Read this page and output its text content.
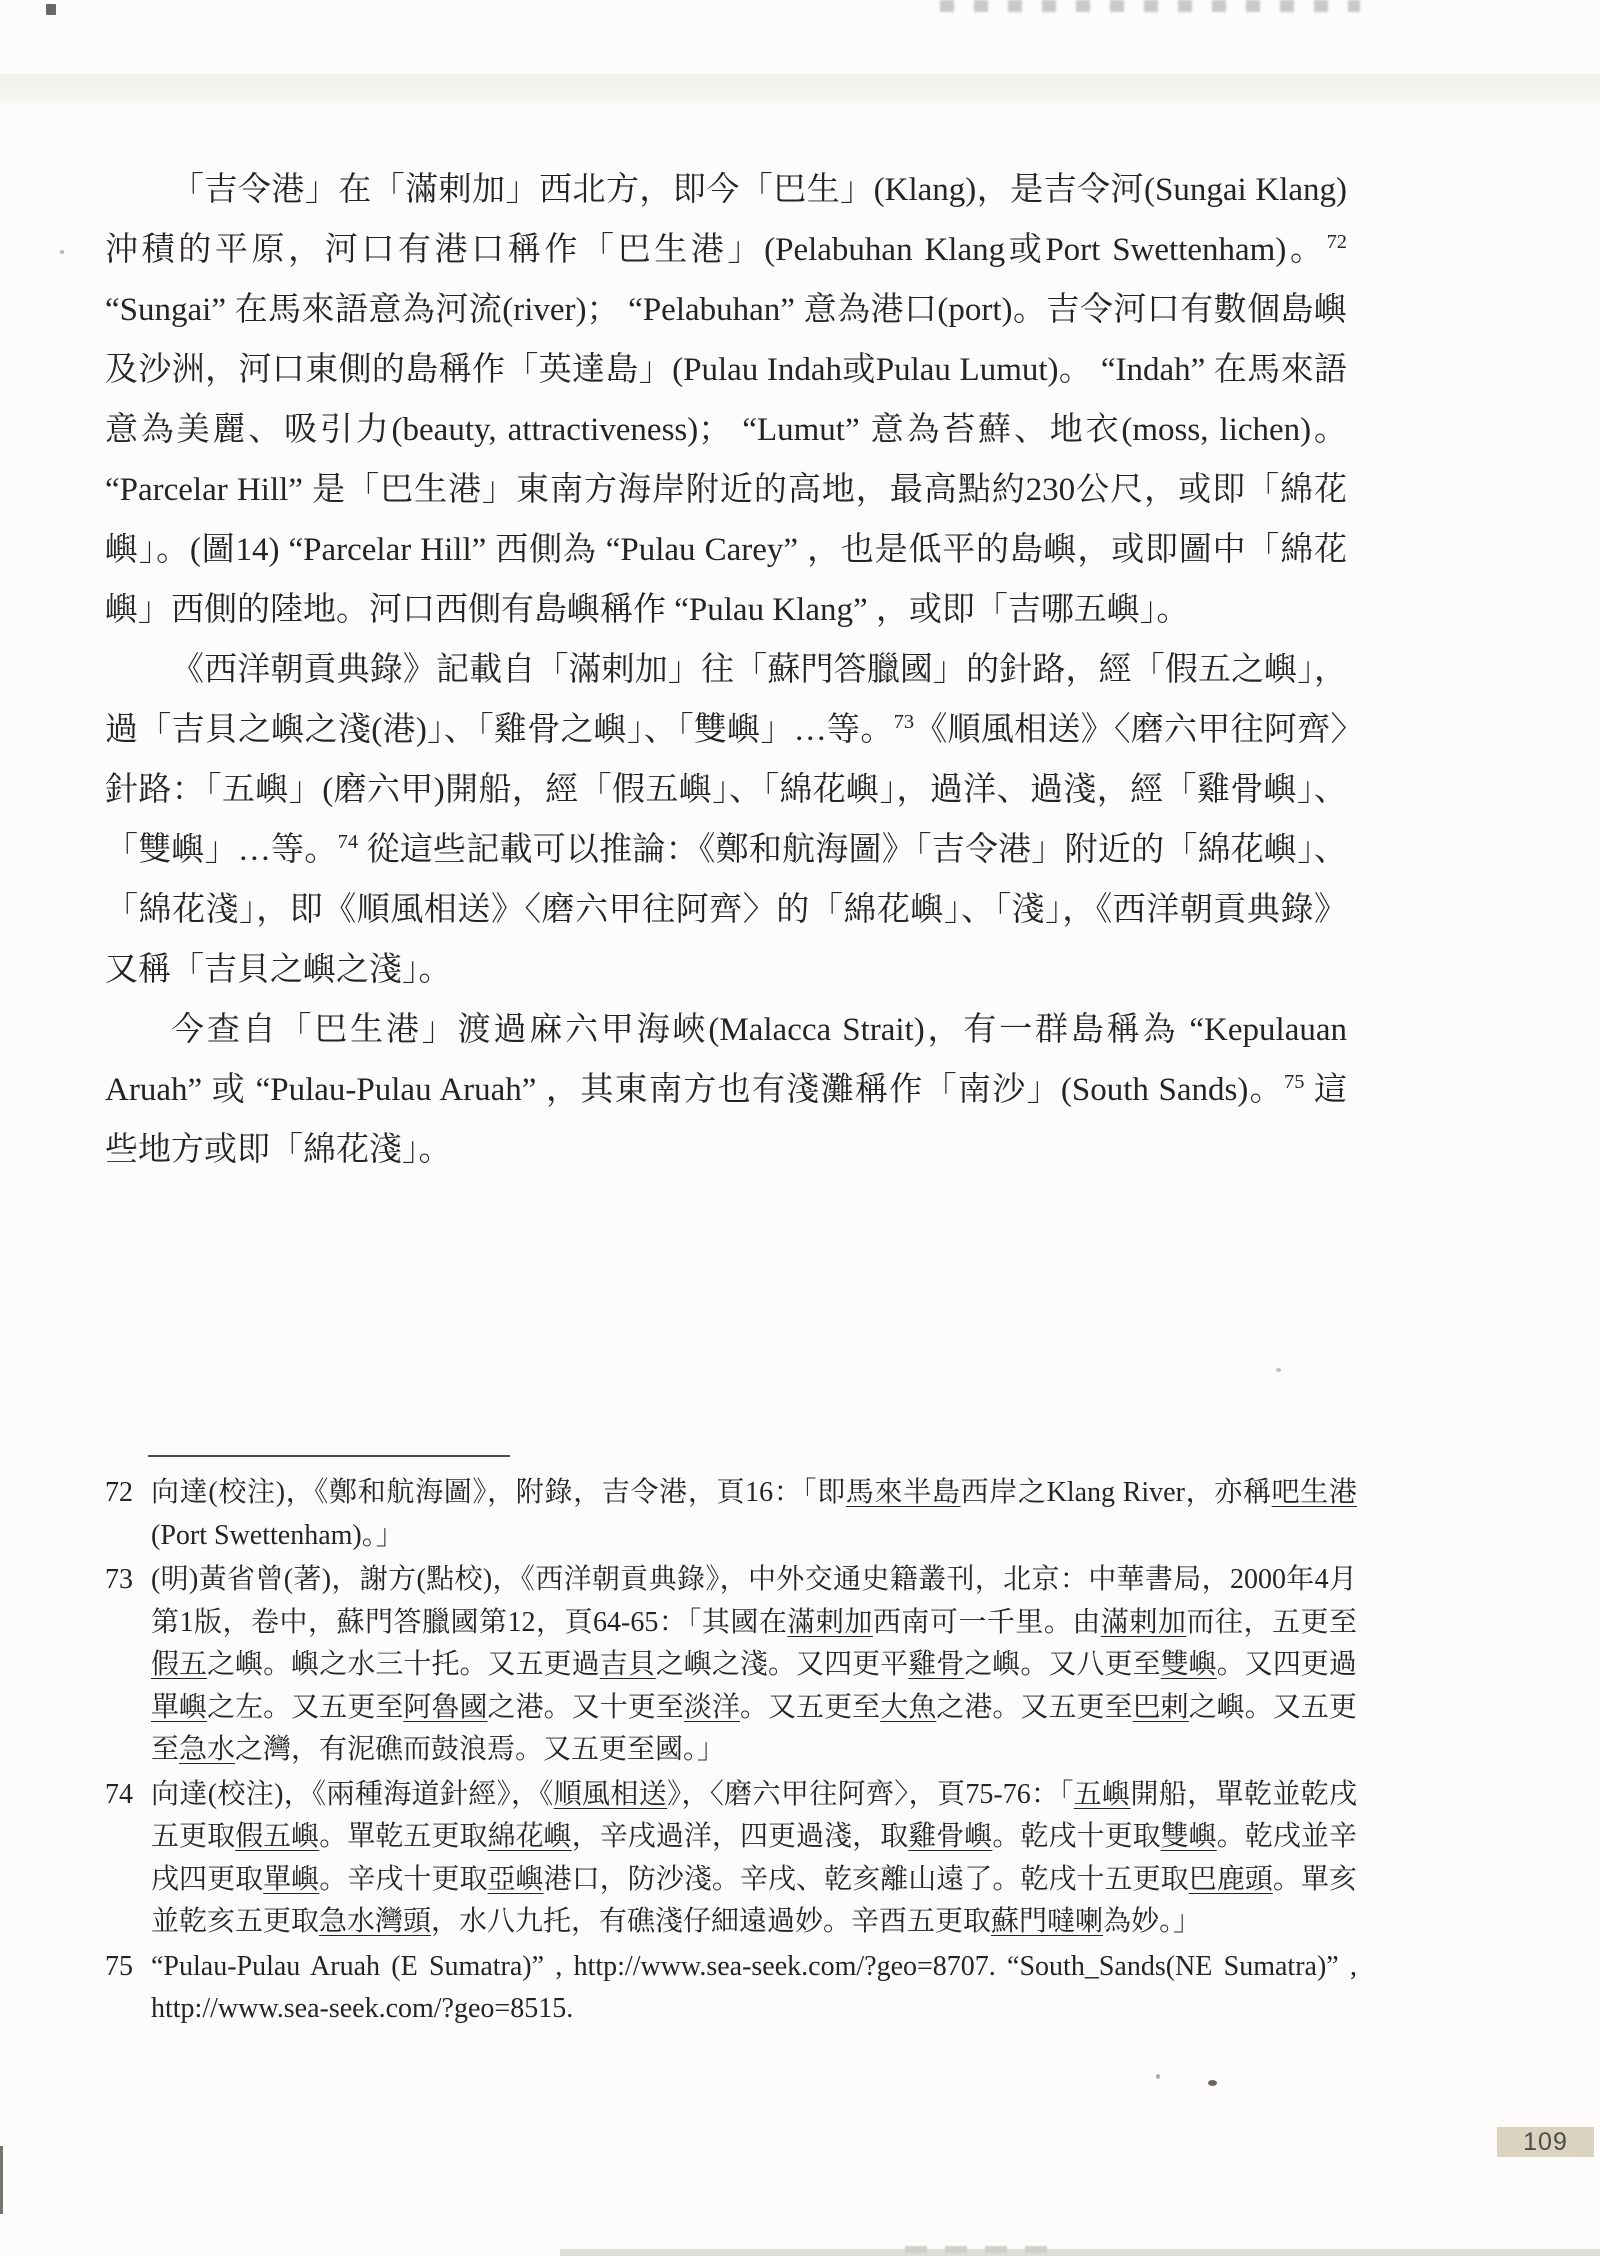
「吉令港」在「滿剌加」西北方，即今「巴生」(Klang)，是吉令河(Sungai Klang)沖積的平原，河口有港口稱作「巴生港」(Pelabuhan Klang或Port Swettenham)。$^{72}$ “Sungai” 在馬來語意為河流(river)； “Pelabuhan” 意為港口(port)。吉令河口有數個島嶼及沙洲，河口東側的島稱作「英達島」(Pulau Indah或Pulau Lumut)。 “Indah” 在馬來語意為美麗、吸引力(beauty, attractiveness)； “Lumut” 意為苔蘚、地衣(moss, lichen)。 “Parcelar Hill” 是「巴生港」東南方海岸附近的高地，最高點約230公尺，或即「綿花嶼」。(圖14) “Parcelar Hill” 西側為 “Pulau Carey” ，也是低平的島嶼，或即圖中「綿花嶼」西側的陸地。河口西側有島嶼稱作 “Pulau Klang” ，或即「吉哪五嶼」。
《西洋朝貢典錄》記載自「滿剌加」往「蘇門答臘國」的針路，經「假五之嶼」，過「吉貝之嶼之淺(港)」、「雞骨之嶼」、「雙嶼」…等。$^{73}$《順風相送》〈磨六甲往阿齊〉針路：「五嶼」(磨六甲)開船，經「假五嶼」、「綿花嶼」，過洋、過淺，經「雞骨嶼」、「雙嶼」…等。$^{74}$ 從這些記載可以推論：《鄭和航海圖》「吉令港」附近的「綿花嶼」、「綿花淺」，即《順風相送》〈磨六甲往阿齊〉的「綿花嶼」、「淺」，《西洋朝貢典錄》又稱「吉貝之嶼之淺」。
今查自「巴生港」渡過麻六甲海峽(Malacca Strait)，有一群島稱為 “Kepulauan Aruah” 或 “Pulau-Pulau Aruah” ，其東南方也有淺灘稱作「南沙」(South Sands)。$^{75}$ 這些地方或即「綿花淺」。
72 向達(校注)，《鄭和航海圖》，附錄，吉令港，頁16：「即馬來半島西岸之Klang River，亦稱吧生港(Port Swettenham)。」
73 (明)黃省曾(著)，謝方(點校)，《西洋朝貢典錄》，中外交通史籍叢刊，北京：中華書局，2000年4月第1版，卷中，蘇門答臘國第12，頁64-65：「其國在滿剌加西南可一千里。由滿剌加而往，五更至假五之嶼。嶼之水三十托。又五更過吉貝之嶼之淺。又四更平雞骨之嶼。又八更至雙嶼。又四更過單嶼之左。又五更至阿魯國之港。又十更至淡洋。又五更至大魚之港。又五更至巴剌之嶼。又五更至急水之灣，有泥礁而鼓浪焉。又五更至國。」
74 向達(校注)，《兩種海道針經》，《順風相送》，〈磨六甲往阿齊〉，頁75-76：「五嶼開船，單乾並乾戌五更取假五嶼。單乾五更取綿花嶼，辛戌過洋，四更過淺，取雞骨嶼。乾戌十更取雙嶼。乾戌並辛戌四更取單嶼。辛戌十更取亞嶼港口，防沙淺。辛戌、乾亥離山遠了。乾戌十五更取巴鹿頭。單亥並乾亥五更取急水灣頭，水八九托，有礁淺仔細遠過妙。辛酉五更取蘇門噠喇為妙。」
75 “Pulau-Pulau Aruah (E Sumatra)” , http://www.sea-seek.com/?geo=8707. “South_Sands(NE Sumatra)” , http://www.sea-seek.com/?geo=8515.
109
